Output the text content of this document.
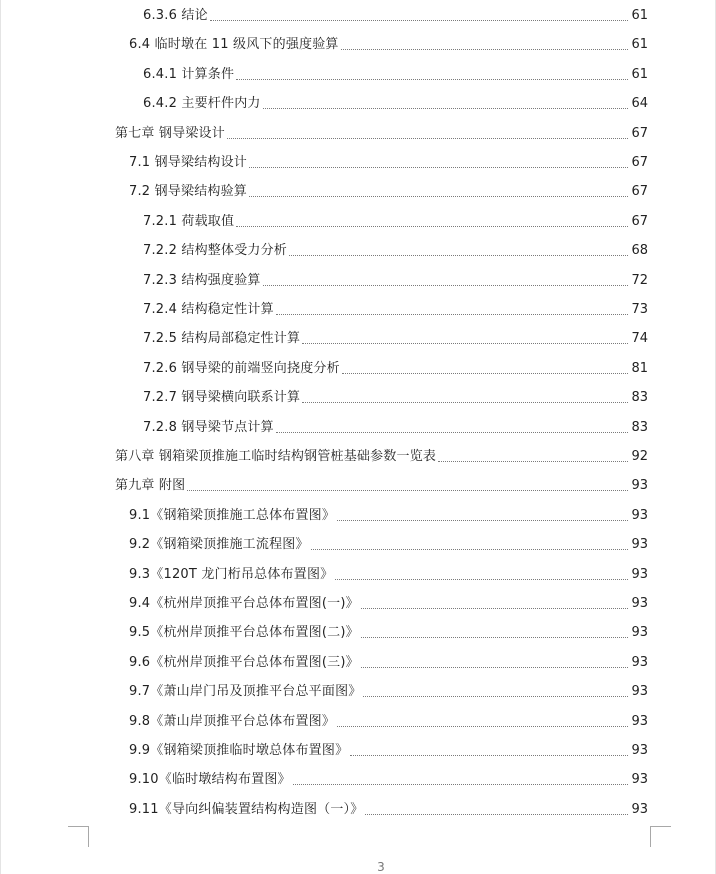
6.3.6 结论	61
6.4 临时墩在 11 级风下的强度验算	61
6.4.1 计算条件	61
6.4.2 主要杆件内力	64
第七章 钢导梁设计	67
7.1 钢导梁结构设计	67
7.2 钢导梁结构验算	67
7.2.1 荷载取值	67
7.2.2 结构整体受力分析	68
7.2.3 结构强度验算	72
7.2.4 结构稳定性计算	73
7.2.5 结构局部稳定性计算	74
7.2.6 钢导梁的前端竖向挠度分析	81
7.2.7 钢导梁横向联系计算	83
7.2.8 钢导梁节点计算	83
第八章 钢箱梁顶推施工临时结构钢管桩基础参数一览表	92
第九章 附图	93
9.1《钢箱梁顶推施工总体布置图》	93
9.2《钢箱梁顶推施工流程图》	93
9.3《120T 龙门桁吊总体布置图》	93
9.4《杭州岸顶推平台总体布置图(一)》	93
9.5《杭州岸顶推平台总体布置图(二)》	93
9.6《杭州岸顶推平台总体布置图(三)》	93
9.7《萧山岸门吊及顶推平台总平面图》	93
9.8《萧山岸顶推平台总体布置图》	93
9.9《钢箱梁顶推临时墩总体布置图》	93
9.10《临时墩结构布置图》	93
9.11《导向纠偏装置结构构造图（一）》	93
3
